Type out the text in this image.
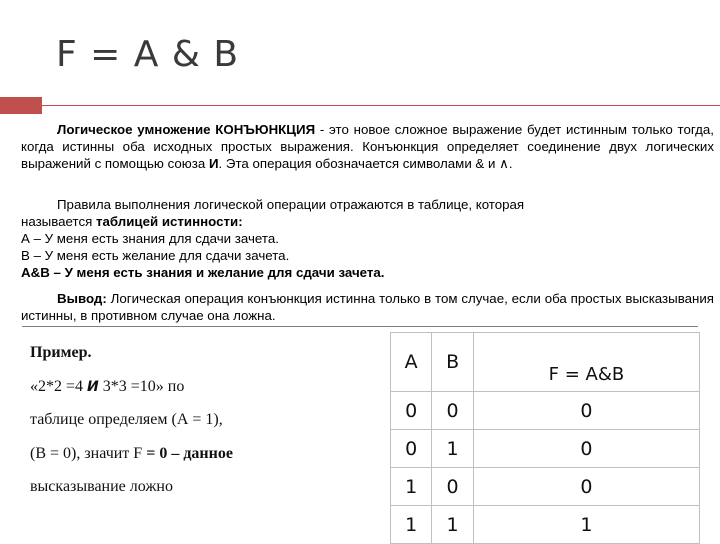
F = A & B

Логическое умножение КОНЪЮНКЦИЯ - это новое сложное выражение будет истинным только тогда, когда истинны оба исходных простых выражения. Конъюнкция определяет соединение двух логических выражений с помощью союза И. Эта операция обозначается символами & и ∧.

Правила выполнения логической операции отражаются в таблице, которая
называется таблицей истинности:
А – У меня есть знания для сдачи зачета.
В – У меня есть желание для сдачи зачета.
А&В – У меня есть знания и желание для сдачи зачета.

Вывод: Логическая операция конъюнкция истинна только в том случае, если оба простых высказывания истинны, в противном случае она ложна.

Пример.
«2*2 =4 И 3*3 =10» по
таблице определяем (А = 1),
(В = 0), значит F = 0 – данное
высказывание ложно
A	B	F = A&B
0	0	0
0	1	0
1	0	0
1	1	1
